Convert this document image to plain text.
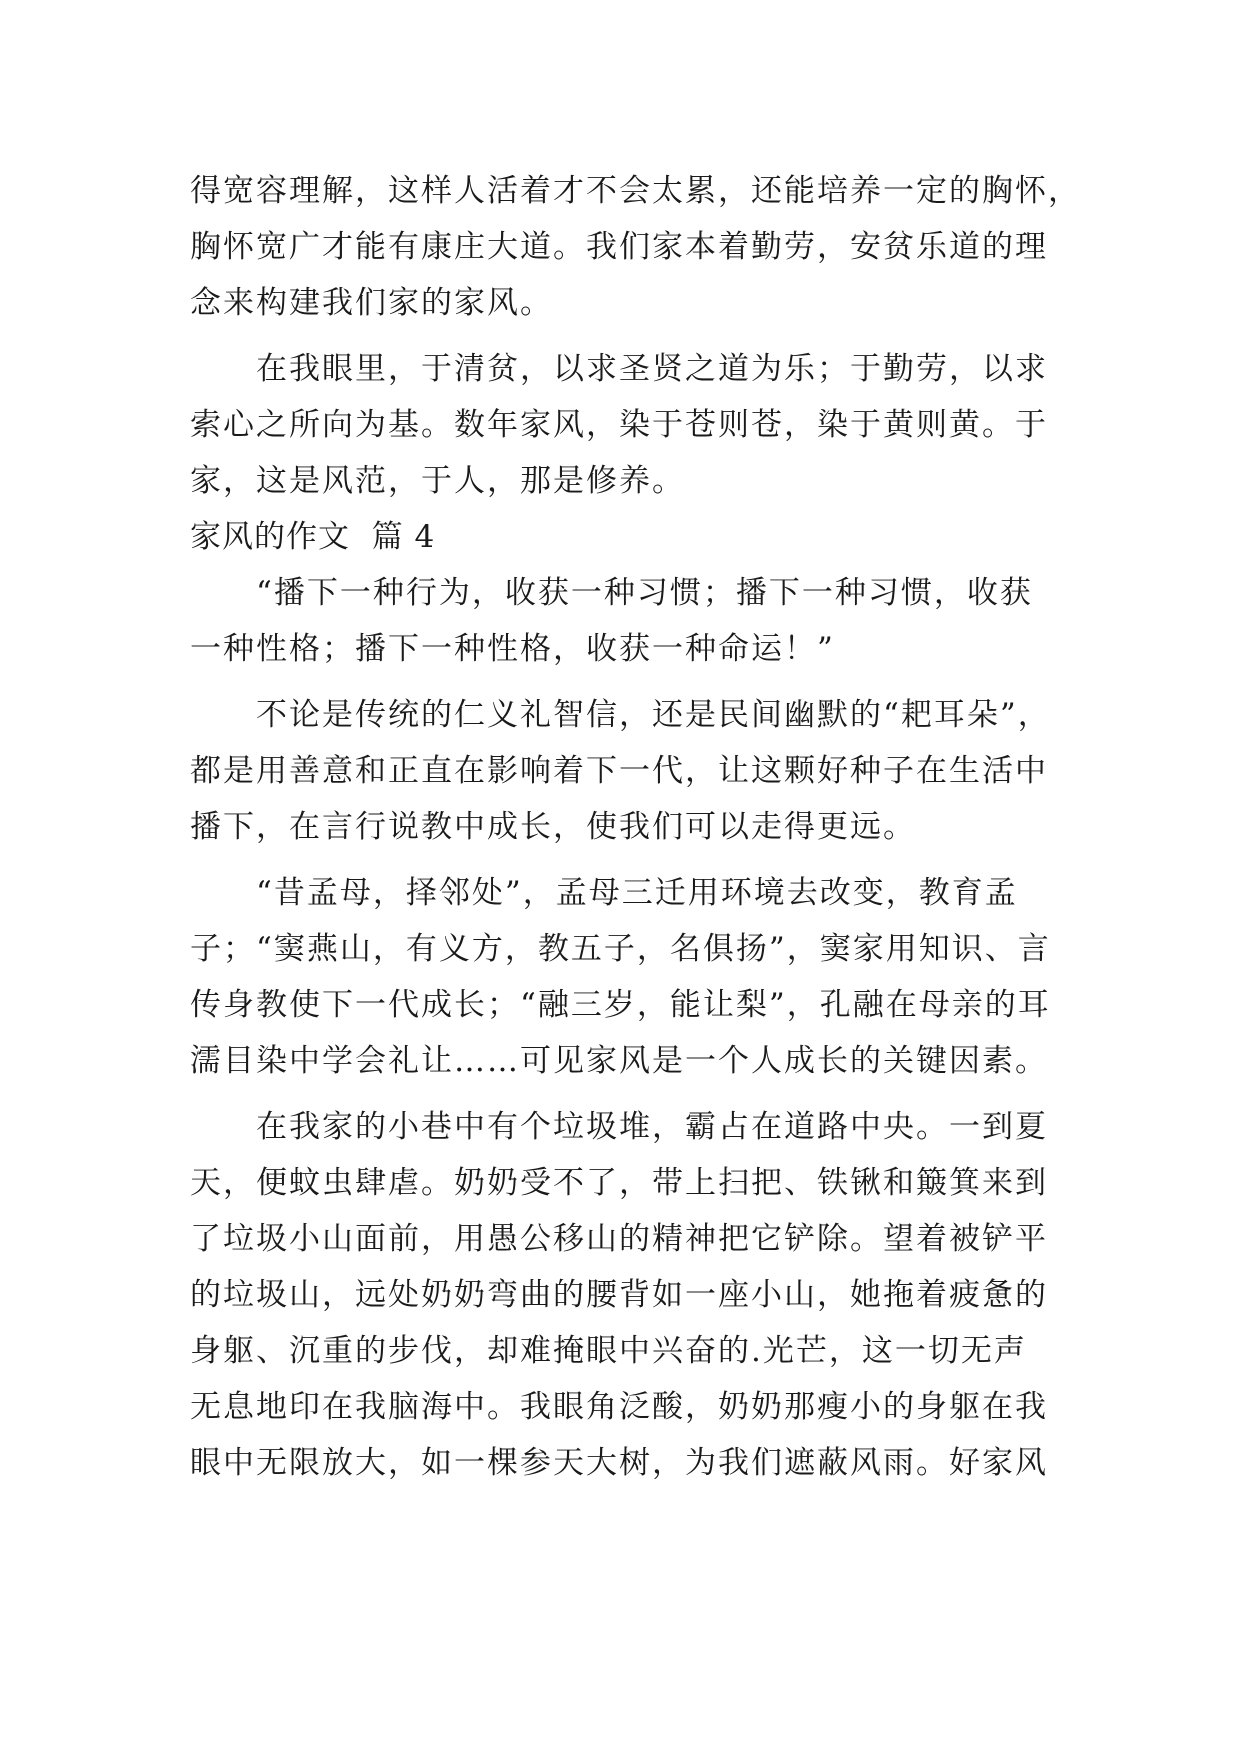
得宽容理解，这样人活着才不会太累，还能培养一定的胸怀，
胸怀宽广才能有康庄大道。我们家本着勤劳，安贫乐道的理
念来构建我们家的家风。
在我眼里，于清贫，以求圣贤之道为乐；于勤劳，以求
索心之所向为基。数年家风，染于苍则苍，染于黄则黄。于
家，这是风范，于人，那是修养。
家风的作文  篇 4
“播下一种行为，收获一种习惯；播下一种习惯，收获
一种性格；播下一种性格，收获一种命运！”
不论是传统的仁义礼智信，还是民间幽默的“耙耳朵”，
都是用善意和正直在影响着下一代，让这颗好种子在生活中
播下，在言行说教中成长，使我们可以走得更远。
“昔孟母，择邻处”，孟母三迁用环境去改变，教育孟
子；“窦燕山，有义方，教五子，名俱扬”，窦家用知识、言
传身教使下一代成长；“融三岁，能让梨”，孔融在母亲的耳
濡目染中学会礼让……可见家风是一个人成长的关键因素。
在我家的小巷中有个垃圾堆，霸占在道路中央。一到夏
天，便蚊虫肆虐。奶奶受不了，带上扫把、铁锹和簸箕来到
了垃圾小山面前，用愚公移山的精神把它铲除。望着被铲平
的垃圾山，远处奶奶弯曲的腰背如一座小山，她拖着疲惫的
身躯、沉重的步伐，却难掩眼中兴奋的.光芒，这一切无声
无息地印在我脑海中。我眼角泛酸，奶奶那瘦小的身躯在我
眼中无限放大，如一棵参天大树，为我们遮蔽风雨。好家风
